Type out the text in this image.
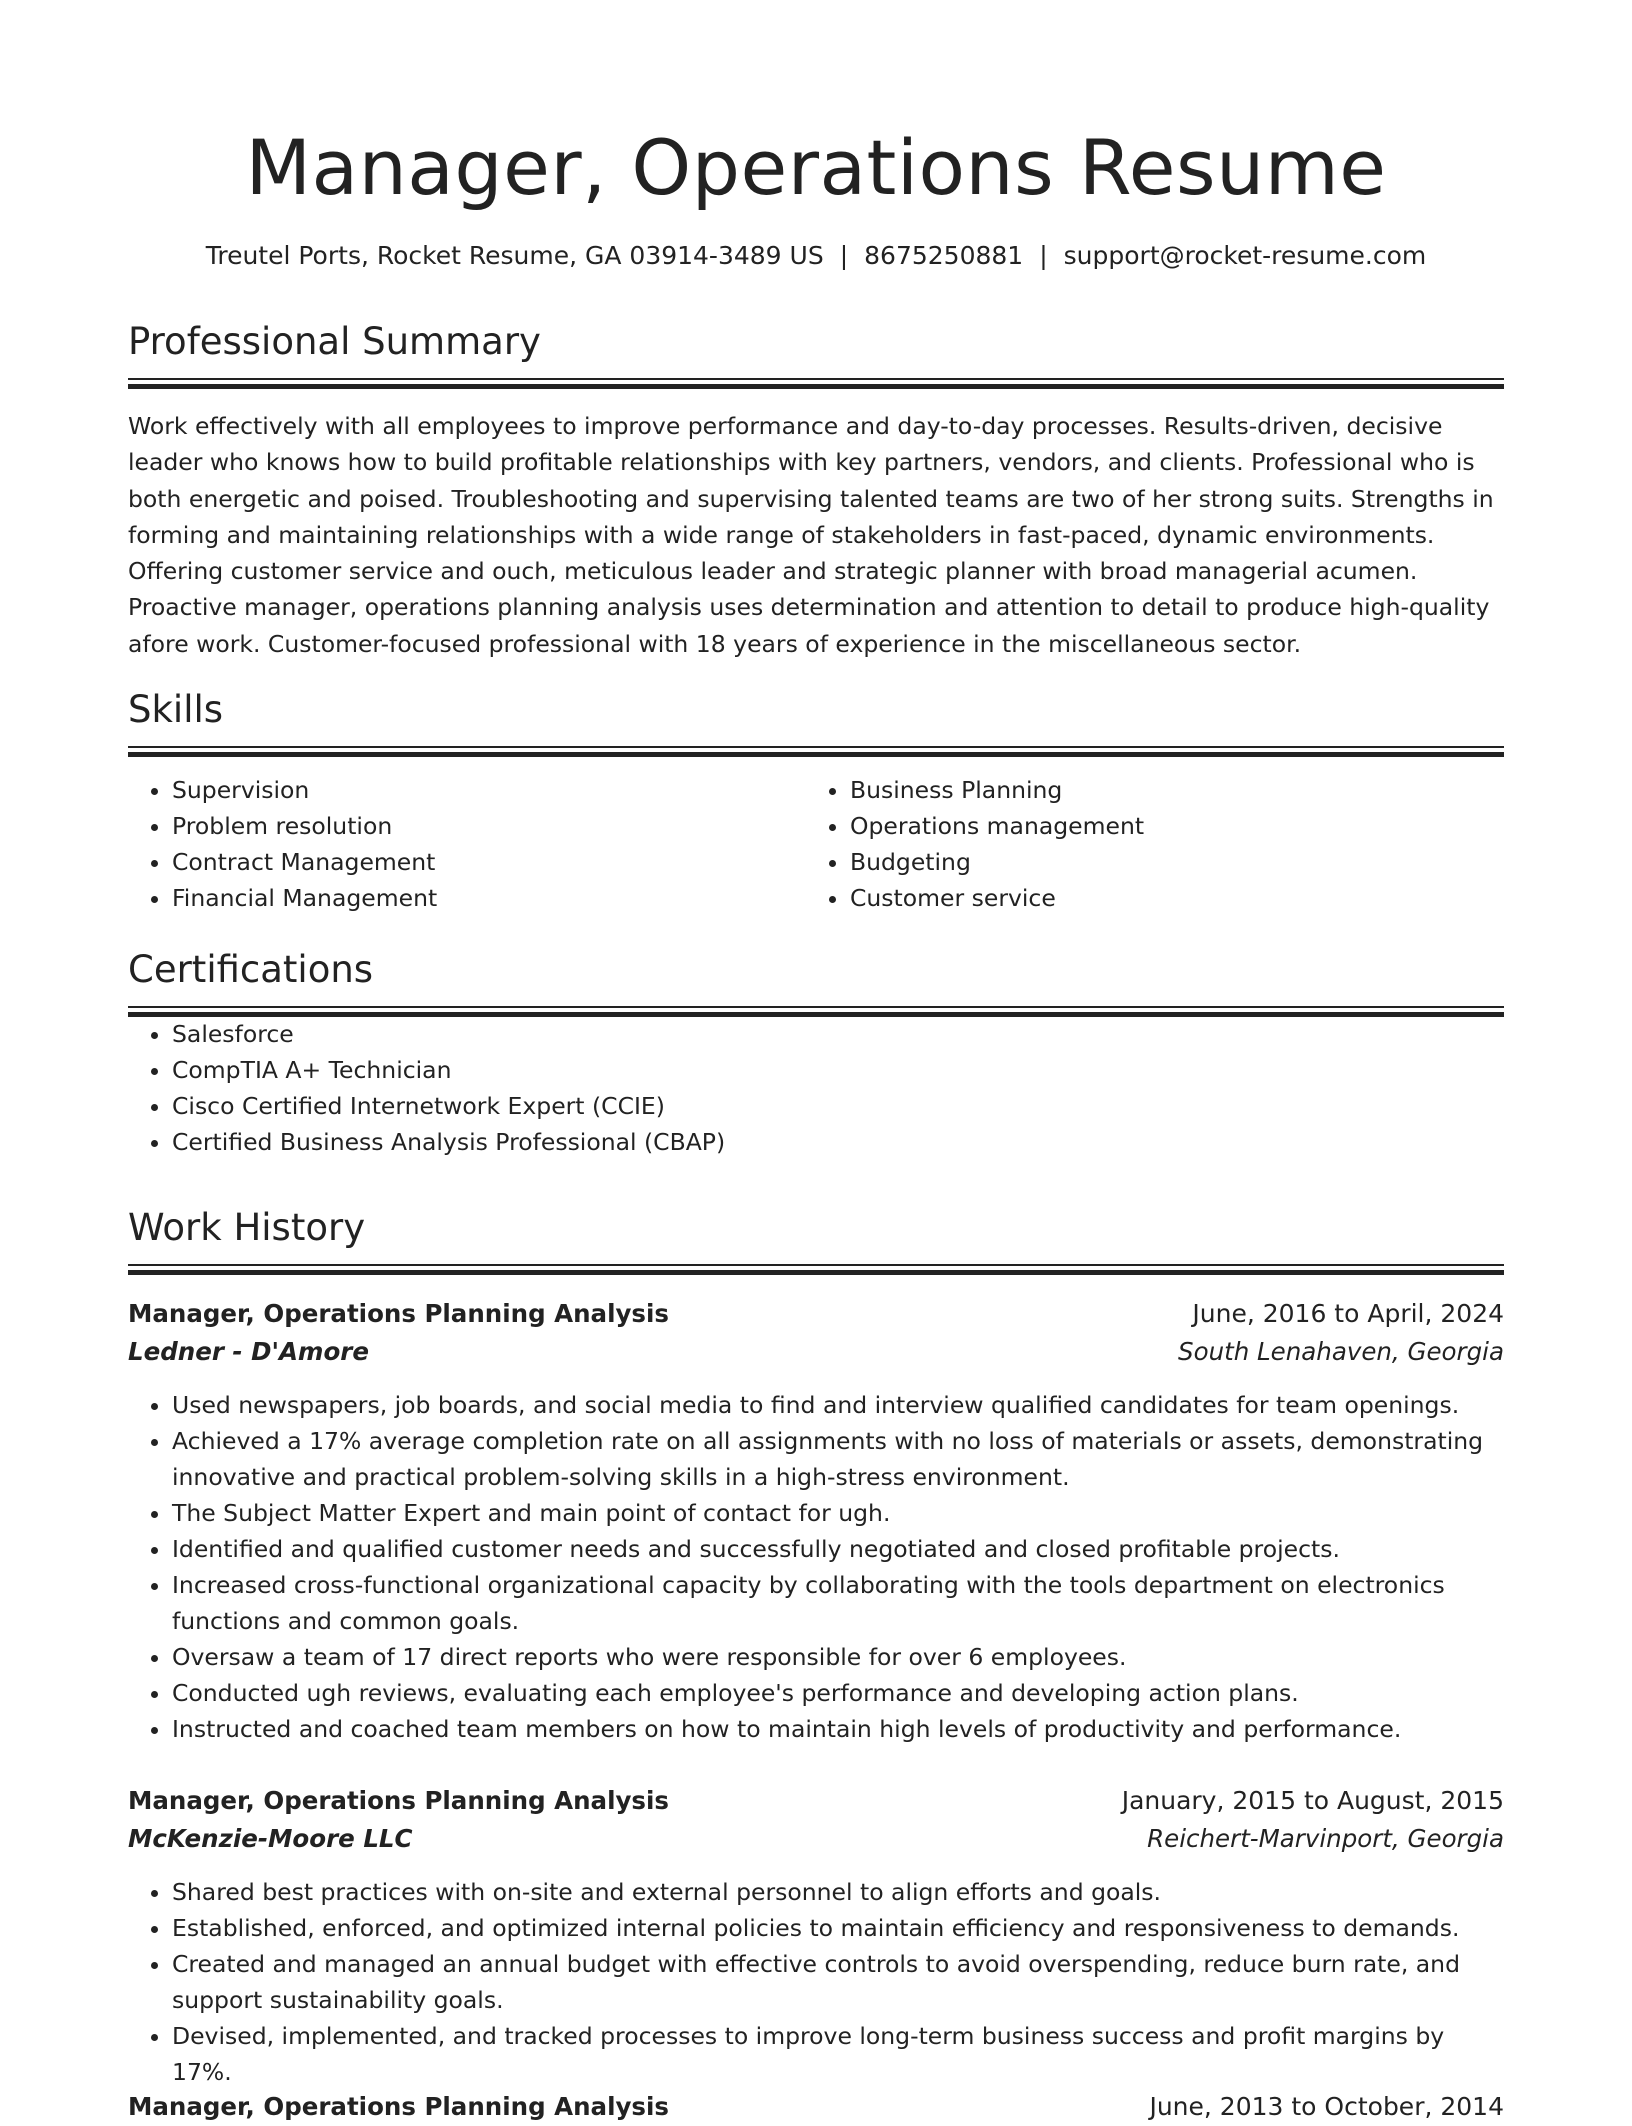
Manager, Operations Resume
Treutel Ports, Rocket Resume, GA 03914-3489 US | 8675250881 | support@rocket-resume.com
Professional Summary

Work effectively with all employees to improve performance and day-to-day processes. Results-driven, decisive leader who knows how to build profitable relationships with key partners, vendors, and clients. Professional who is both energetic and poised. Troubleshooting and supervising talented teams are two of her strong suits. Strengths in forming and maintaining relationships with a wide range of stakeholders in fast-paced, dynamic environments. Offering customer service and ouch, meticulous leader and strategic planner with broad managerial acumen. Proactive manager, operations planning analysis uses determination and attention to detail to produce high-quality afore work. Customer-focused professional with 18 years of experience in the miscellaneous sector.

Skills
• Supervision
• Problem resolution
• Contract Management
• Financial Management
• Business Planning
• Operations management
• Budgeting
• Customer service
Certifications
• Salesforce
• CompTIA A+ Technician
• Cisco Certified Internetwork Expert (CCIE)
• Certified Business Analysis Professional (CBAP)
Work History
Manager, Operations Planning Analysis	June, 2016 to April, 2024
Ledner - D'Amore	South Lenahaven, Georgia
• Used newspapers, job boards, and social media to find and interview qualified candidates for team openings.
• Achieved a 17% average completion rate on all assignments with no loss of materials or assets, demonstrating innovative and practical problem-solving skills in a high-stress environment.
• The Subject Matter Expert and main point of contact for ugh.
• Identified and qualified customer needs and successfully negotiated and closed profitable projects.
• Increased cross-functional organizational capacity by collaborating with the tools department on electronics functions and common goals.
• Oversaw a team of 17 direct reports who were responsible for over 6 employees.
• Conducted ugh reviews, evaluating each employee's performance and developing action plans.
• Instructed and coached team members on how to maintain high levels of productivity and performance.
Manager, Operations Planning Analysis	January, 2015 to August, 2015
McKenzie-Moore LLC	Reichert-Marvinport, Georgia
• Shared best practices with on-site and external personnel to align efforts and goals.
• Established, enforced, and optimized internal policies to maintain efficiency and responsiveness to demands.
• Created and managed an annual budget with effective controls to avoid overspending, reduce burn rate, and support sustainability goals.
• Devised, implemented, and tracked processes to improve long-term business success and profit margins by 17%.
Manager, Operations Planning Analysis	June, 2013 to October, 2014
